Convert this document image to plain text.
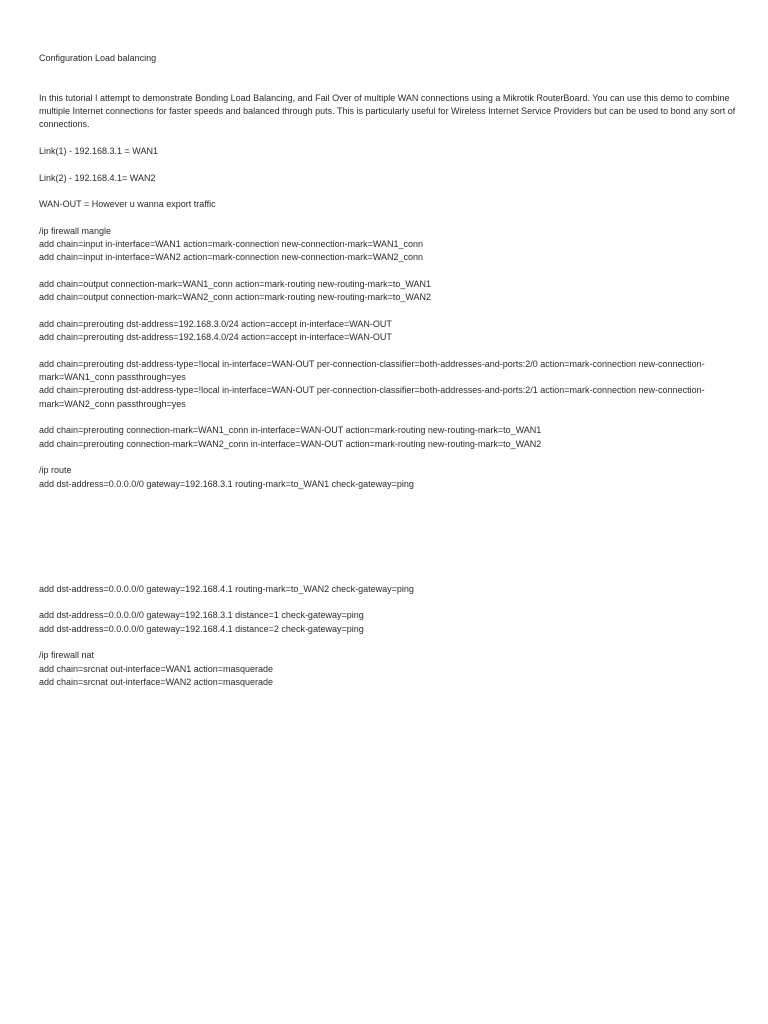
Configuration Load balancing
In this tutorial I attempt to demonstrate Bonding Load Balancing, and Fail Over of multiple WAN connections using a Mikrotik RouterBoard. You can use this demo to combine multiple Internet connections for faster speeds and balanced through puts. This is particularly useful for Wireless Internet Service Providers but can be used to bond any sort of connections.
Link(1) - 192.168.3.1 = WAN1
Link(2) - 192.168.4.1= WAN2
WAN-OUT = However u wanna export traffic
/ip firewall mangle
add chain=input in-interface=WAN1 action=mark-connection new-connection-mark=WAN1_conn
add chain=input in-interface=WAN2 action=mark-connection new-connection-mark=WAN2_conn
add chain=output connection-mark=WAN1_conn action=mark-routing new-routing-mark=to_WAN1
add chain=output connection-mark=WAN2_conn action=mark-routing new-routing-mark=to_WAN2
add chain=prerouting dst-address=192.168.3.0/24 action=accept in-interface=WAN-OUT
add chain=prerouting dst-address=192.168.4.0/24 action=accept in-interface=WAN-OUT
add chain=prerouting dst-address-type=!local in-interface=WAN-OUT per-connection-classifier=both-addresses-and-ports:2/0 action=mark-connection new-connection-
mark=WAN1_conn passthrough=yes
add chain=prerouting dst-address-type=!local in-interface=WAN-OUT per-connection-classifier=both-addresses-and-ports:2/1 action=mark-connection new-connection-
mark=WAN2_conn passthrough=yes
add chain=prerouting connection-mark=WAN1_conn in-interface=WAN-OUT action=mark-routing new-routing-mark=to_WAN1
add chain=prerouting connection-mark=WAN2_conn in-interface=WAN-OUT action=mark-routing new-routing-mark=to_WAN2
/ip route
add dst-address=0.0.0.0/0 gateway=192.168.3.1 routing-mark=to_WAN1 check-gateway=ping
add dst-address=0.0.0.0/0 gateway=192.168.4.1 routing-mark=to_WAN2 check-gateway=ping
add dst-address=0.0.0.0/0 gateway=192.168.3.1 distance=1 check-gateway=ping
add dst-address=0.0.0.0/0 gateway=192.168.4.1 distance=2 check-gateway=ping
/ip firewall nat
add chain=srcnat out-interface=WAN1 action=masquerade
add chain=srcnat out-interface=WAN2 action=masquerade
